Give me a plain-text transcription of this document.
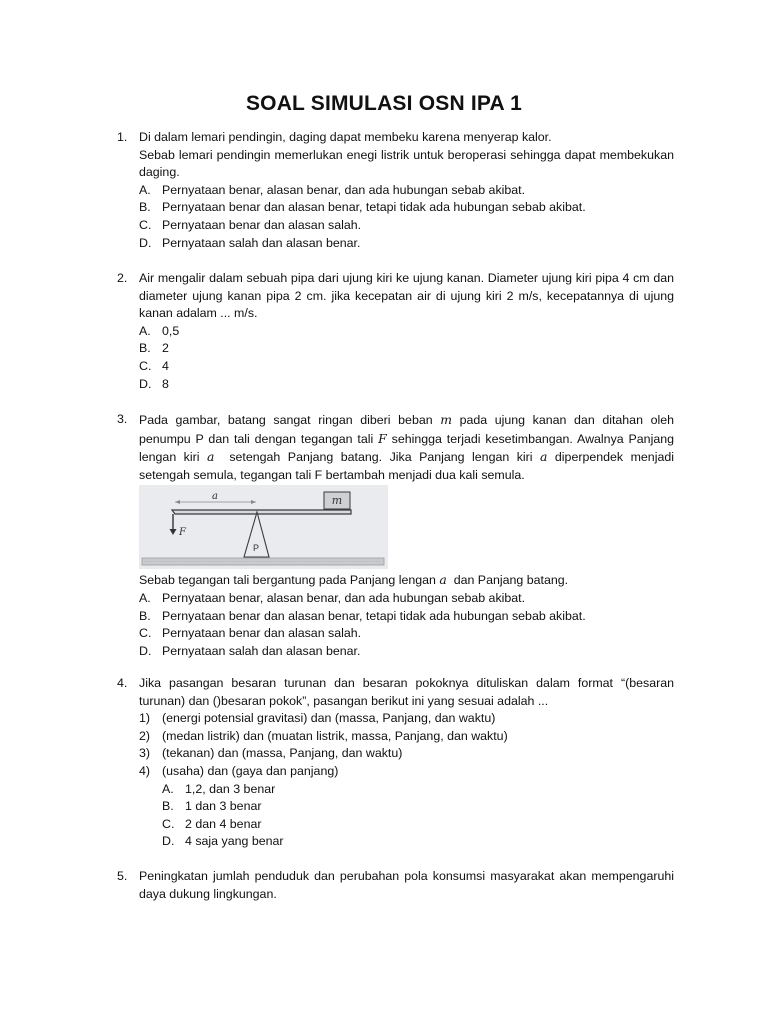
SOAL SIMULASI OSN IPA 1
1. Di dalam lemari pendingin, daging dapat membeku karena menyerap kalor.
Sebab lemari pendingin memerlukan enegi listrik untuk beroperasi sehingga dapat membekukan daging.
A. Pernyataan benar, alasan benar, dan ada hubungan sebab akibat.
B. Pernyataan benar dan alasan benar, tetapi tidak ada hubungan sebab akibat.
C. Pernyataan benar dan alasan salah.
D. Pernyataan salah dan alasan benar.
2. Air mengalir dalam sebuah pipa dari ujung kiri ke ujung kanan. Diameter ujung kiri pipa 4 cm dan diameter ujung kanan pipa 2 cm. jika kecepatan air di ujung kiri 2 m/s, kecepatannya di ujung kanan adalam ... m/s.
A. 0,5
B. 2
C. 4
D. 8
3. Pada gambar, batang sangat ringan diberi beban m pada ujung kanan dan ditahan oleh penumpu P dan tali dengan tegangan tali F sehingga terjadi kesetimbangan. Awalnya Panjang lengan kiri a setengah Panjang batang. Jika Panjang lengan kiri a diperpendek menjadi setengah semula, tegangan tali F bertambah menjadi dua kali semula.
m
P
F
a
Sebab tegangan tali bergantung pada Panjang lengan a dan Panjang batang.
A. Pernyataan benar, alasan benar, dan ada hubungan sebab akibat.
B. Pernyataan benar dan alasan benar, tetapi tidak ada hubungan sebab akibat.
C. Pernyataan benar dan alasan salah.
D. Pernyataan salah dan alasan benar.
4. Jika pasangan besaran turunan dan besaran pokoknya dituliskan dalam format “(besaran turunan) dan ()besaran pokok”, pasangan berikut ini yang sesuai adalah ...
1) (energi potensial gravitasi) dan (massa, Panjang, dan waktu)
2) (medan listrik) dan (muatan listrik, massa, Panjang, dan waktu)
3) (tekanan) dan (massa, Panjang, dan waktu)
4) (usaha) dan (gaya dan panjang)
A. 1,2, dan 3 benar
B. 1 dan 3 benar
C. 2 dan 4 benar
D. 4 saja yang benar
5. Peningkatan jumlah penduduk dan perubahan pola konsumsi masyarakat akan mempengaruhi daya dukung lingkungan.
